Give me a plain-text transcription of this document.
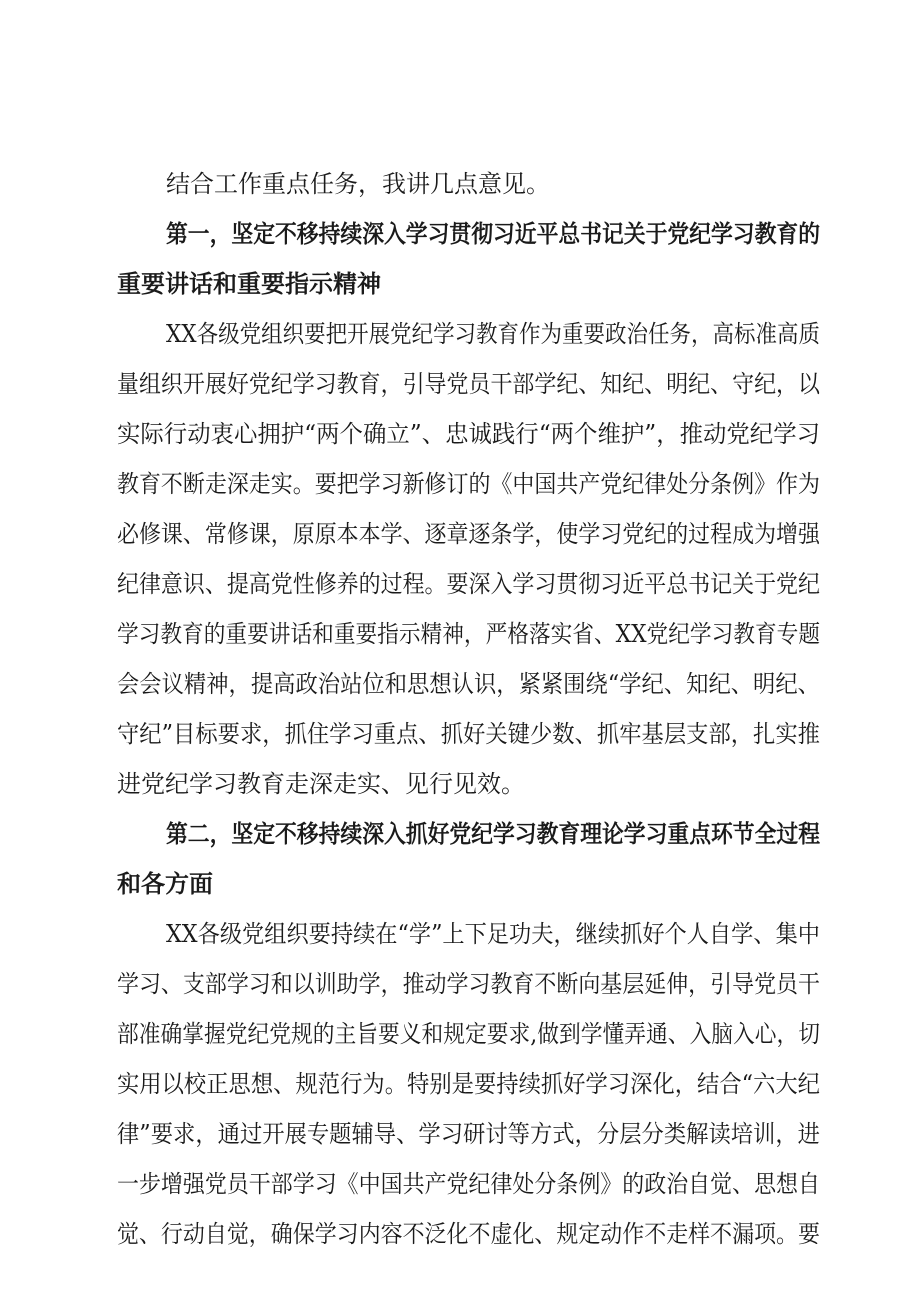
结合工作重点任务，我讲几点意见。
第一，坚定不移持续深入学习贯彻习近平总书记关于党纪学习教育的
重要讲话和重要指示精神
XX各级党组织要把开展党纪学习教育作为重要政治任务，高标准高质
量组织开展好党纪学习教育，引导党员干部学纪、知纪、明纪、守纪，以
实际行动衷心拥护“两个确立”、忠诚践行“两个维护”，推动党纪学习
教育不断走深走实。要把学习新修订的《中国共产党纪律处分条例》作为
必修课、常修课，原原本本学、逐章逐条学，使学习党纪的过程成为增强
纪律意识、提高党性修养的过程。要深入学习贯彻习近平总书记关于党纪
学习教育的重要讲话和重要指示精神，严格落实省、XX党纪学习教育专题
会会议精神，提高政治站位和思想认识，紧紧围绕“学纪、知纪、明纪、
守纪”目标要求，抓住学习重点、抓好关键少数、抓牢基层支部，扎实推
进党纪学习教育走深走实、见行见效。
第二，坚定不移持续深入抓好党纪学习教育理论学习重点环节全过程
和各方面
XX各级党组织要持续在“学”上下足功夫，继续抓好个人自学、集中
学习、支部学习和以训助学，推动学习教育不断向基层延伸，引导党员干
部准确掌握党纪党规的主旨要义和规定要求,做到学懂弄通、入脑入心，切
实用以校正思想、规范行为。特别是要持续抓好学习深化，结合“六大纪
律”要求，通过开展专题辅导、学习研讨等方式，分层分类解读培训，进
一步增强党员干部学习《中国共产党纪律处分条例》的政治自觉、思想自
觉、行动自觉，确保学习内容不泛化不虚化、规定动作不走样不漏项。要
